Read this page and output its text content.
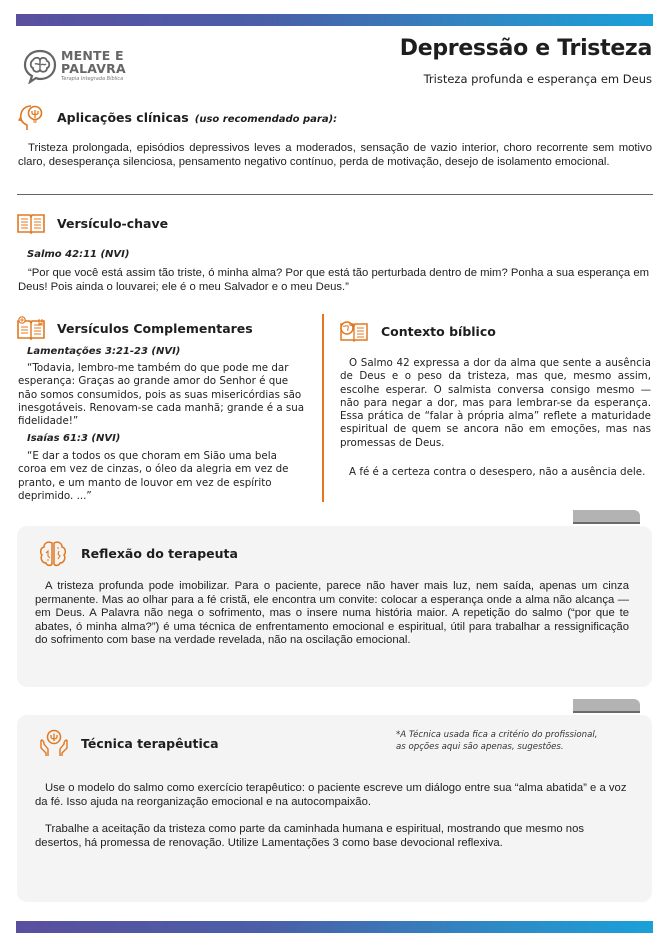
MENTE E
PALAVRA
Terapia Integrada Bíblica
Depressão e Tristeza
Tristeza profunda e esperança em Deus
Aplicações clínicas (uso recomendado para):

Tristeza prolongada, episódios depressivos leves a moderados, sensação de vazio interior, choro recorrente sem motivo claro, desesperança silenciosa, pensamento negativo contínuo, perda de motivação, desejo de isolamento emocional.

Versículo-chave
Salmo 42:11 (NVI)

“Por que você está assim tão triste, ó minha alma? Por que está tão perturbada dentro de mim? Ponha a sua esperança em Deus! Pois ainda o louvarei; ele é o meu Salvador e o meu Deus.”

Versículos Complementares
Lamentações 3:21-23 (NVI)

“Todavia, lembro-me também do que pode me dar esperança: Graças ao grande amor do Senhor é que não somos consumidos, pois as suas misericórdias são inesgotáveis. Renovam-se cada manhã; grande é a sua fidelidade!”

Isaías 61:3 (NVI)

“E dar a todos os que choram em Sião uma bela coroa em vez de cinzas, o óleo da alegria em vez de pranto, e um manto de louvor em vez de espírito deprimido. ...”

Contexto bíblico

O Salmo 42 expressa a dor da alma que sente a ausência de Deus e o peso da tristeza, mas que, mesmo assim, escolhe esperar. O salmista conversa consigo mesmo — não para negar a dor, mas para lembrar-se da esperança. Essa prática de “falar à própria alma” reflete a maturidade espiritual de quem se ancora não em emoções, mas nas promessas de Deus.

A fé é a certeza contra o desespero, não a ausência dele.

Reflexão do terapeuta

A tristeza profunda pode imobilizar. Para o paciente, parece não haver mais luz, nem saída, apenas um cinza permanente. Mas ao olhar para a fé cristã, ele encontra um convite: colocar a esperança onde a alma não alcança — em Deus. A Palavra não nega o sofrimento, mas o insere numa história maior. A repetição do salmo (“por que te abates, ó minha alma?”) é uma técnica de enfrentamento emocional e espiritual, útil para trabalhar a ressignificação do sofrimento com base na verdade revelada, não na oscilação emocional.

Técnica terapêutica
*A Técnica usada fica a critério do profissional,
as opções aqui são apenas, sugestões.

Use o modelo do salmo como exercício terapêutico: o paciente escreve um diálogo entre sua “alma abatida” e a voz da fé. Isso ajuda na reorganização emocional e na autocompaixão.

Trabalhe a aceitação da tristeza como parte da caminhada humana e espiritual, mostrando que mesmo nos desertos, há promessa de renovação. Utilize Lamentações 3 como base devocional reflexiva.
